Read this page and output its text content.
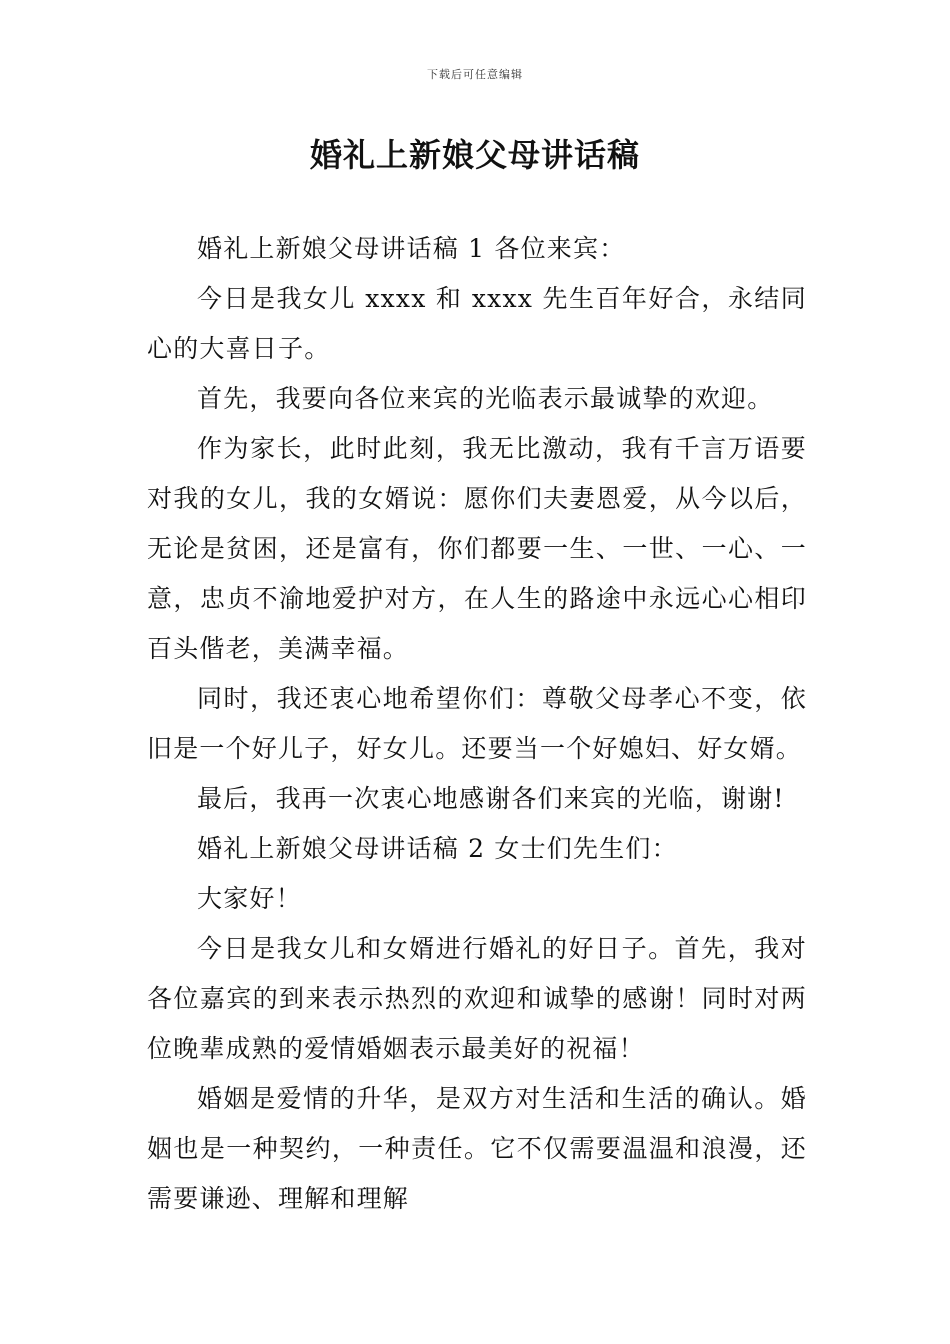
下载后可任意编辑
婚礼上新娘父母讲话稿

婚礼上新娘父母讲话稿 1 各位来宾：

今日是我女儿 xxxx 和 xxxx 先生百年好合，永结同心的大喜日子。

首先，我要向各位来宾的光临表示最诚挚的欢迎。

作为家长，此时此刻，我无比激动，我有千言万语要对我的女儿，我的女婿说：愿你们夫妻恩爱，从今以后，无论是贫困，还是富有，你们都要一生、一世、一心、一意，忠贞不渝地爱护对方，在人生的路途中永远心心相印百头偕老，美满幸福。

同时，我还衷心地希望你们：尊敬父母孝心不变，依旧是一个好儿子，好女儿。还要当一个好媳妇、好女婿。

最后，我再一次衷心地感谢各们来宾的光临，谢谢!

婚礼上新娘父母讲话稿 2 女士们先生们：

大家好！

今日是我女儿和女婿进行婚礼的好日子。首先，我对各位嘉宾的到来表示热烈的欢迎和诚挚的感谢！同时对两位晚辈成熟的爱情婚姻表示最美好的祝福！

婚姻是爱情的升华，是双方对生活和生活的确认。婚姻也是一种契约，一种责任。它不仅需要温温和浪漫，还需要谦逊、理解和理解
